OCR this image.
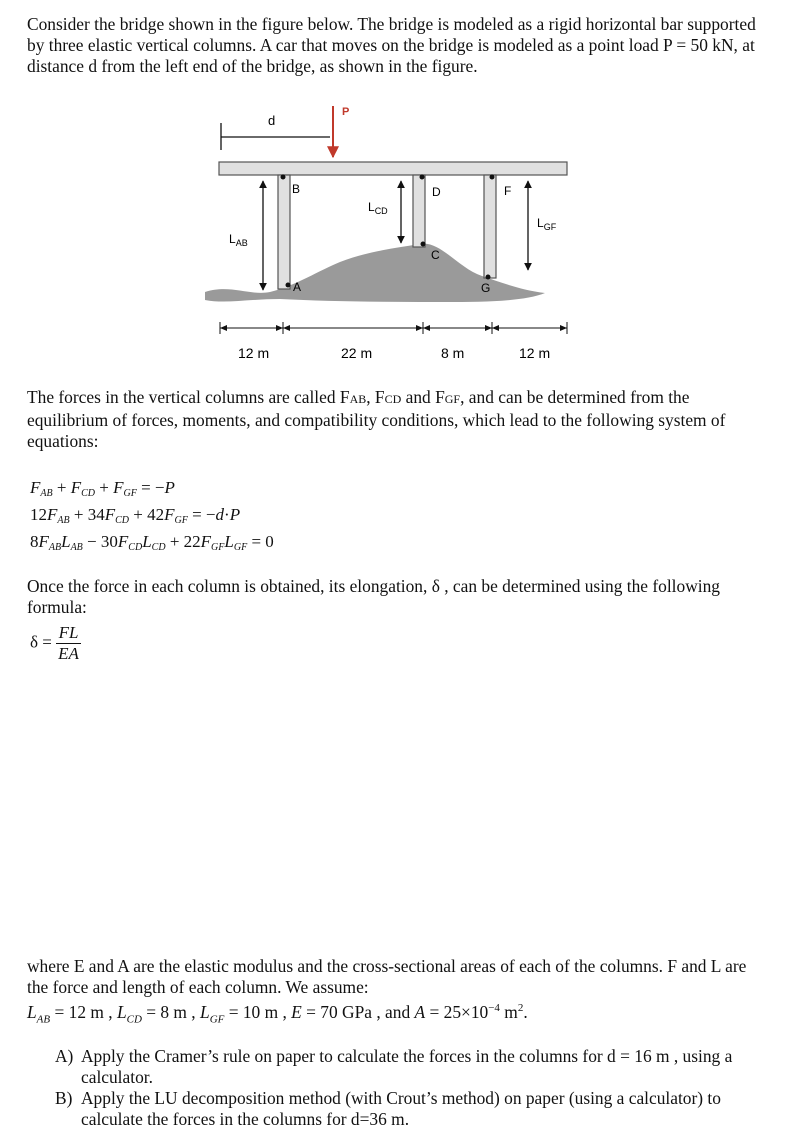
Consider the bridge shown in the figure below. The bridge is modeled as a rigid horizontal bar supported by three elastic vertical columns. A car that moves on the bridge is modeled as a point load P = 50 kN, at distance d from the left end of the bridge, as shown in the figure.
d
P
B	D	F
A
C
G
$L_{AB}$
$L_{CD}$
$L_{GF}$
12 m	22 m	8 m	12 m
The forces in the vertical columns are called FAB, FCD and FGF, and can be determined from the equilibrium of forces, moments, and compatibility conditions, which lead to the following system of equations:
$F_{AB} + F_{CD} + F_{GF} = -P$
$12F_{AB} + 34F_{CD} + 42F_{GF} = -d\cdot P$
$8F_{AB}L_{AB} - 30F_{CD}L_{CD} + 22F_{GF}L_{GF} = 0$
Once the force in each column is obtained, its elongation, δ , can be determined using the following formula:
$\delta = \frac{FL}{EA}$
where E and A are the elastic modulus and the cross-sectional areas of each of the columns. F and L are the force and length of each column. We assume:
$L_{AB} = 12$ m , $L_{CD} = 8$ m , $L_{GF} = 10$ m , E = 70 GPa , and $A = 25\times 10^{-4}$ $m^2$.
A) Apply the Cramer’s rule on paper to calculate the forces in the columns for d = 16 m , using a calculator.
B) Apply the LU decomposition method (with Crout’s method) on paper (using a calculator) to calculate the forces in the columns for d=36 m.
